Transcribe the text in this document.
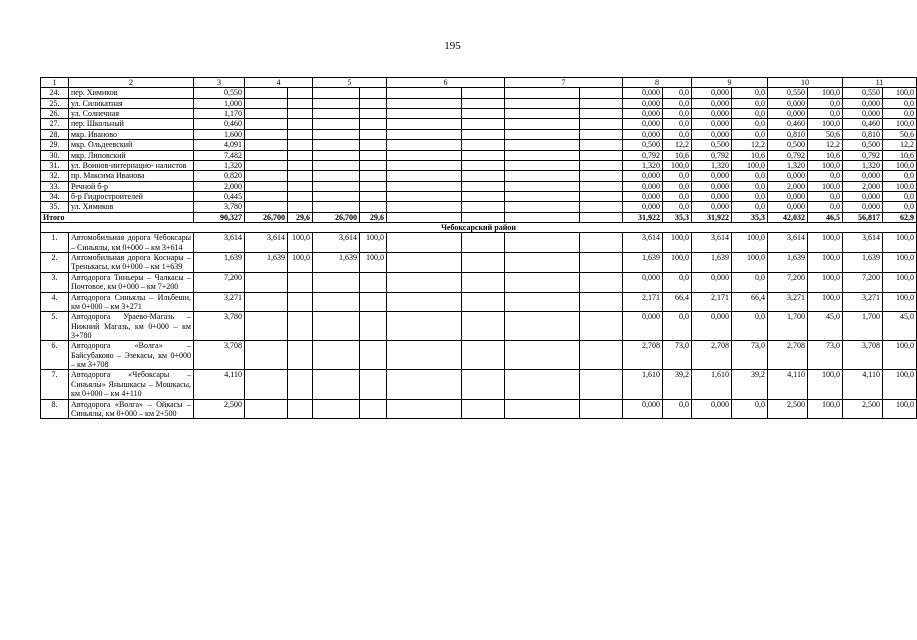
195
1	2	3	4		5		6		7		8		9		10		11	
24.	пер. Химиков	0,550									0,000	0,0	0,000	0,0	0,550	100,0	0,550	100,0
25.	ул. Силикатная	1,000									0,000	0,0	0,000	0,0	0,000	0,0	0,000	0,0
26.	ул. Солнечная	1,170									0,000	0,0	0,000	0,0	0,000	0,0	0,000	0,0
27.	пер. Школьный	0,460									0,000	0,0	0,000	0,0	0,460	100,0	0,460	100,0
28.	мкр. Иваново	1,600									0,000	0,0	0,000	0,0	0,810	50,6	0,810	50,6
29.	мкр. Ольдеевский	4,091									0,500	12,2	0,500	12,2	0,500	12,2	0,500	12,2
30.	мкр. Липовский	7,482									0,792	10,6	0,792	10,6	0,792	10,6	0,792	10,6
31.	ул. Воинов-интернацио- налистов	1,320									1,320	100,0	1,320	100,0	1,320	100,0	1,320	100,0
32.	пр. Максима Иванова	0,820									0,000	0,0	0,000	0,0	0,000	0,0	0,000	0,0
33.	Речной б-р	2,000									0,000	0,0	0,000	0,0	2,000	100,0	2,000	100,0
34.	б-р Гидростроителей	0,445									0,000	0,0	0,000	0,0	0,000	0,0	0,000	0,0
35.	ул. Химиков	3,780									0,000	0,0	0,000	0,0	0,000	0,0	0,000	0,0
Итого		90,327	26,700	29,6	26,700	29,6					31,922	35,3	31,922	35,3	42,032	46,5	56,817	62,9
Чебоксарский район																		
1.	Автомобильная дорога Чебоксары – Синьялы, км 0+000 – км 3+614	3,614	3,614	100,0	3,614	100,0					3,614	100,0	3,614	100,0	3,614	100,0	3,614	100,0
2.	Автомобильная дорога Коснары – Тренькасы, км 0+000 – км 1+639	1,639	1,639	100,0	1,639	100,0					1,639	100,0	1,639	100,0	1,639	100,0	1,639	100,0
3.	Автодорога Тиньеры – Чалкасы – Почтовое, км 0+000 – км 7+200	7,200									0,000	0,0	0,000	0,0	7,200	100,0	7,200	100,0
4.	Автодорога Синьялы – Ильбеши, км 0+000 – км 3+271	3,271									2,171	66,4	2,171	66,4	3,271	100,0	3,271	100,0
5.	Автодорога Ураево-Магазь – Нижний Магазь, км 0+000 – км 3+780	3,780									0,000	0,0	0,000	0,0	1,700	45,0	1,700	45,0
6.	Автодорога «Волга» – Байсубаково – Эзекасы, км 0+000 – км 3+708	3,708									2,708	73,0	2,708	73,0	2,708	73,0	3,708	100,0
7.	Автодорога «Чебоксары – Синьялы» Янышкасы – Мошкасы, км 0+000 – км 4+110	4,110									1,610	39,2	1,610	39,2	4,110	100,0	4,110	100,0
8.	Автодорога «Волга» – Ойкасы – Синьялы, км 0+000 – км 2+500	2,500									0,000	0,0	0,000	0,0	2,500	100,0	2,500	100,0
